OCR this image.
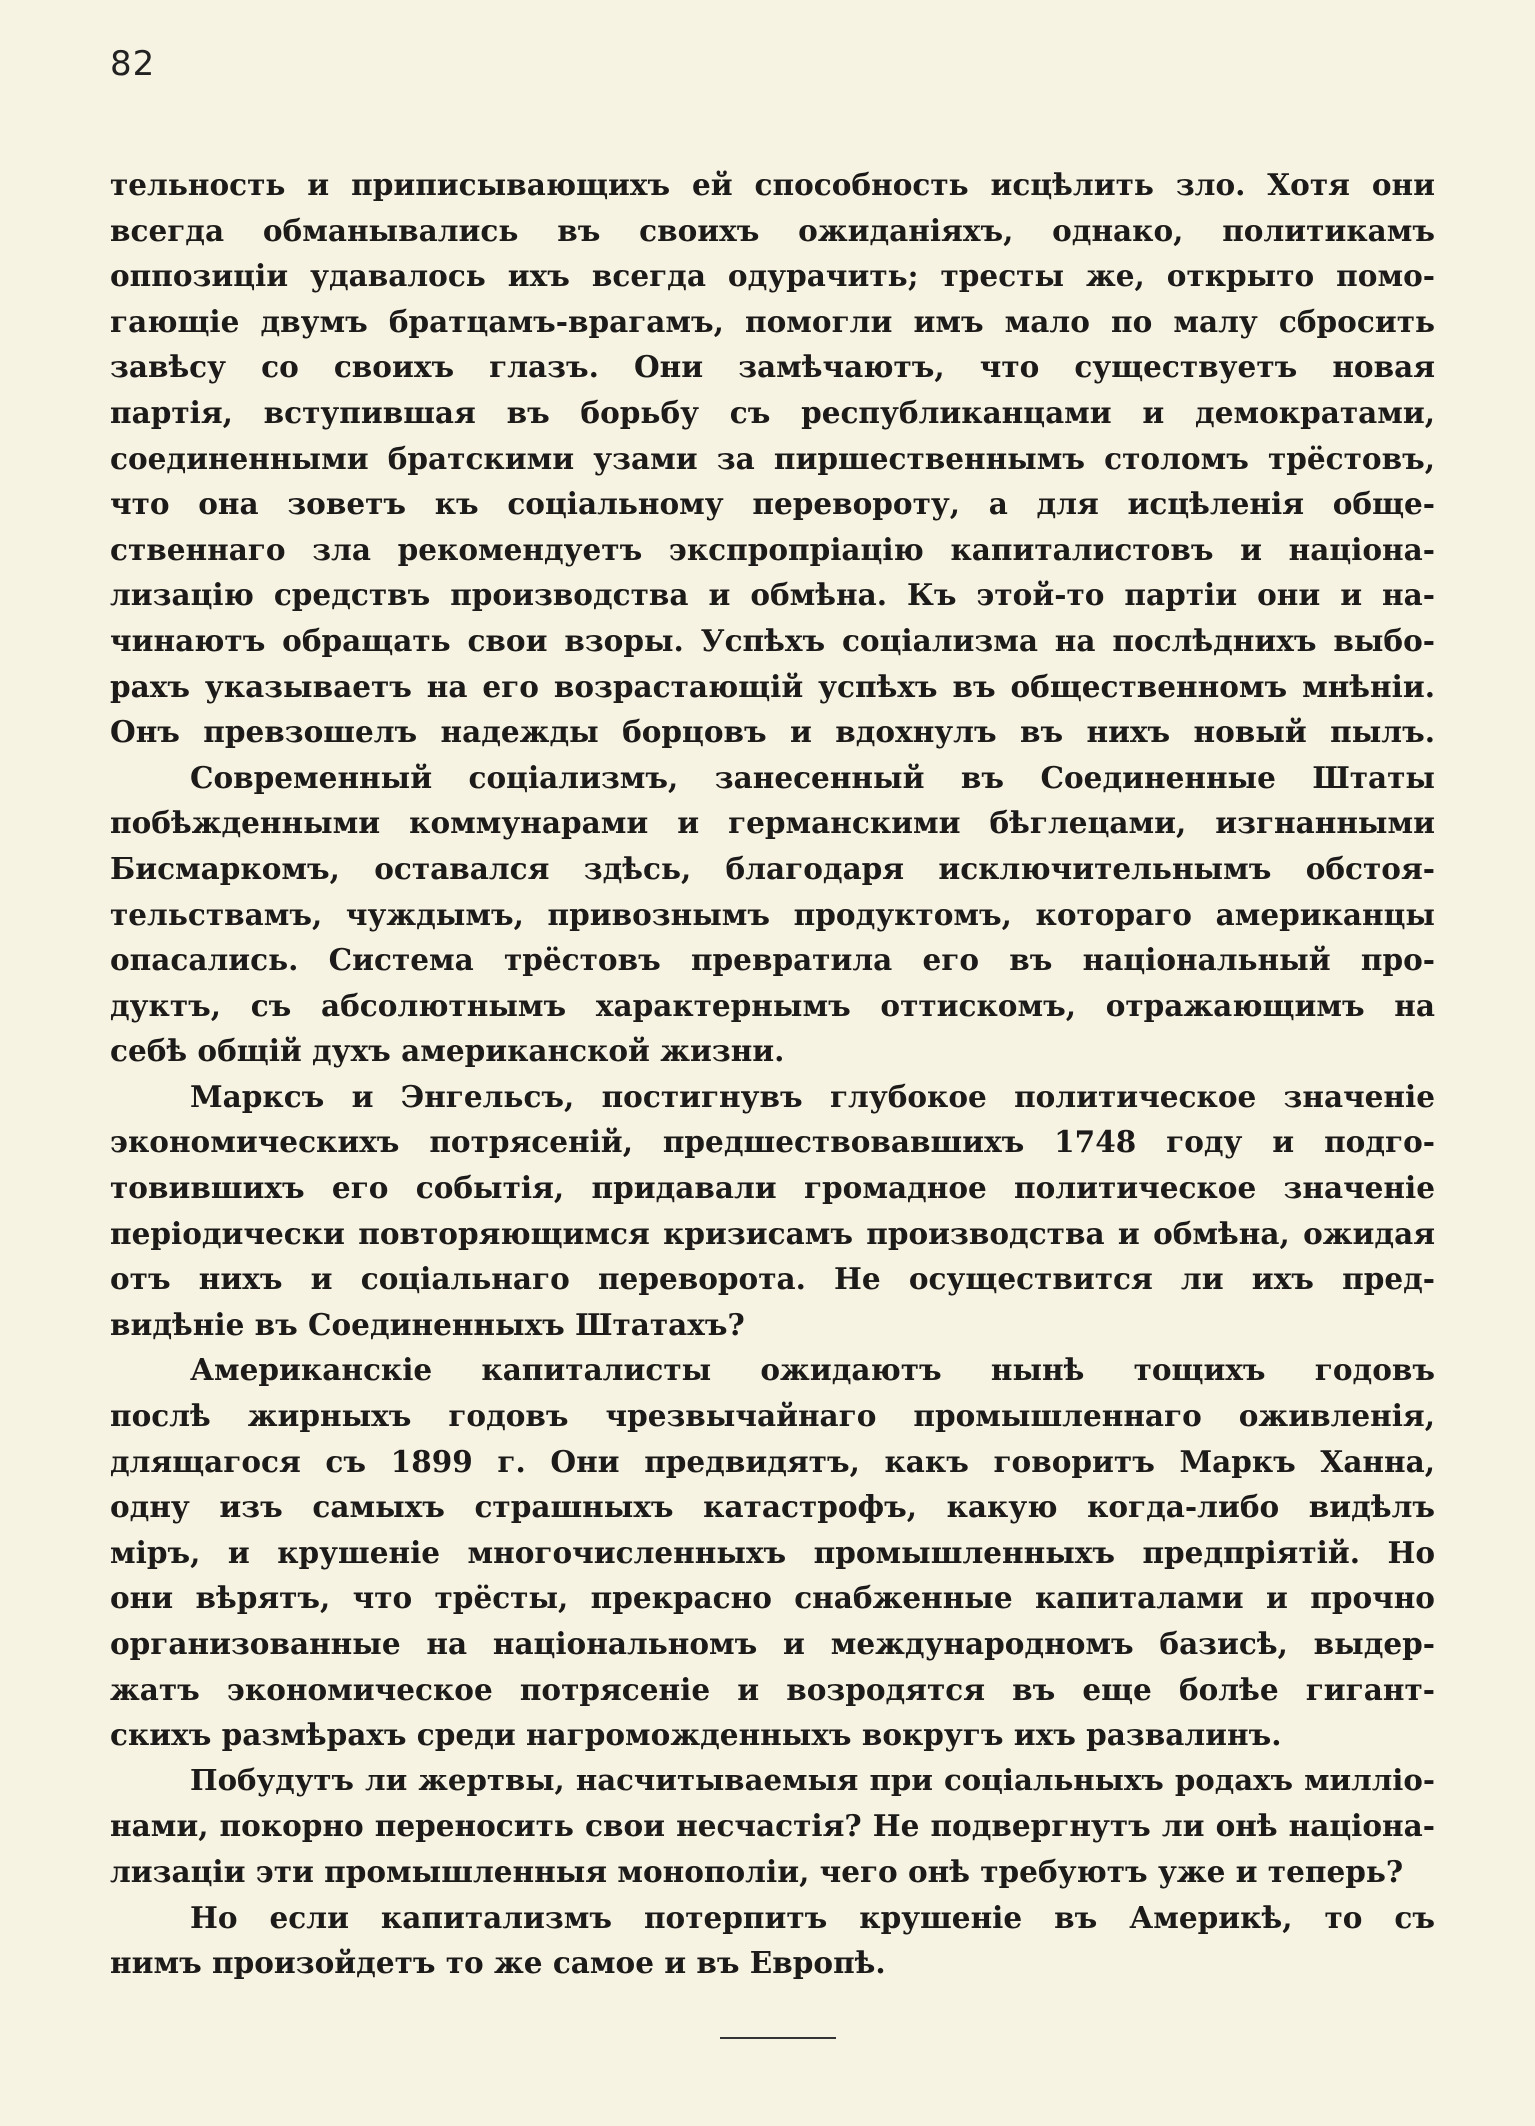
82
тельность и приписывающихъ ей способность исцѣлить зло. Хотя они
всегда обманывались въ своихъ ожиданіяхъ, однако, политикамъ
оппозиціи удавалось ихъ всегда одурачить; тресты же, открыто помо-
гающіе двумъ братцамъ-врагамъ, помогли имъ мало по малу сбросить
завѣсу со своихъ глазъ. Они замѣчаютъ, что существуетъ новая
партія, вступившая въ борьбу съ республиканцами и демократами,
соединенными братскими узами за пиршественнымъ столомъ трёстовъ,
что она зоветъ къ соціальному перевороту, а для исцѣленія обще-
ственнаго зла рекомендуетъ экспропріацію капиталистовъ и націона-
лизацію средствъ производства и обмѣна. Къ этой-то партіи они и на-
чинаютъ обращать свои взоры. Успѣхъ соціализма на послѣднихъ выбо-
рахъ указываетъ на его возрастающій успѣхъ въ общественномъ мнѣніи.
Онъ превзошелъ надежды борцовъ и вдохнулъ въ нихъ новый пылъ.
Современный соціализмъ, занесенный въ Соединенные Штаты
побѣжденными коммунарами и германскими бѣглецами, изгнанными
Бисмаркомъ, оставался здѣсь, благодаря исключительнымъ обстоя-
тельствамъ, чуждымъ, привознымъ продуктомъ, котораго американцы
опасались. Система трёстовъ превратила его въ національный про-
дуктъ, съ абсолютнымъ характернымъ оттискомъ, отражающимъ на
себѣ общій духъ американской жизни.
Марксъ и Энгельсъ, постигнувъ глубокое политическое значеніе
экономическихъ потрясеній, предшествовавшихъ 1748 году и подго-
товившихъ его событія, придавали громадное политическое значеніе
періодически повторяющимся кризисамъ производства и обмѣна, ожидая
отъ нихъ и соціальнаго переворота. Не осуществится ли ихъ пред-
видѣніе въ Соединенныхъ Штатахъ?
Американскіе капиталисты ожидаютъ нынѣ тощихъ годовъ
послѣ жирныхъ годовъ чрезвычайнаго промышленнаго оживленія,
длящагося съ 1899 г. Они предвидятъ, какъ говоритъ Маркъ Ханна,
одну изъ самыхъ страшныхъ катастрофъ, какую когда-либо видѣлъ
міръ, и крушеніе многочисленныхъ промышленныхъ предпріятій. Но
они вѣрятъ, что трёсты, прекрасно снабженные капиталами и прочно
организованные на національномъ и международномъ базисѣ, выдер-
жатъ экономическое потрясеніе и возродятся въ еще болѣе гигант-
скихъ размѣрахъ среди нагроможденныхъ вокругъ ихъ развалинъ.
Побудутъ ли жертвы, насчитываемыя при соціальныхъ родахъ милліо-
нами, покорно переносить свои несчастія? Не подвергнутъ ли онѣ націона-
лизаціи эти промышленныя монополіи, чего онѣ требуютъ уже и теперь?
Но если капитализмъ потерпитъ крушеніе въ Америкѣ, то съ
нимъ произойдетъ то же самое и въ Европѣ.
